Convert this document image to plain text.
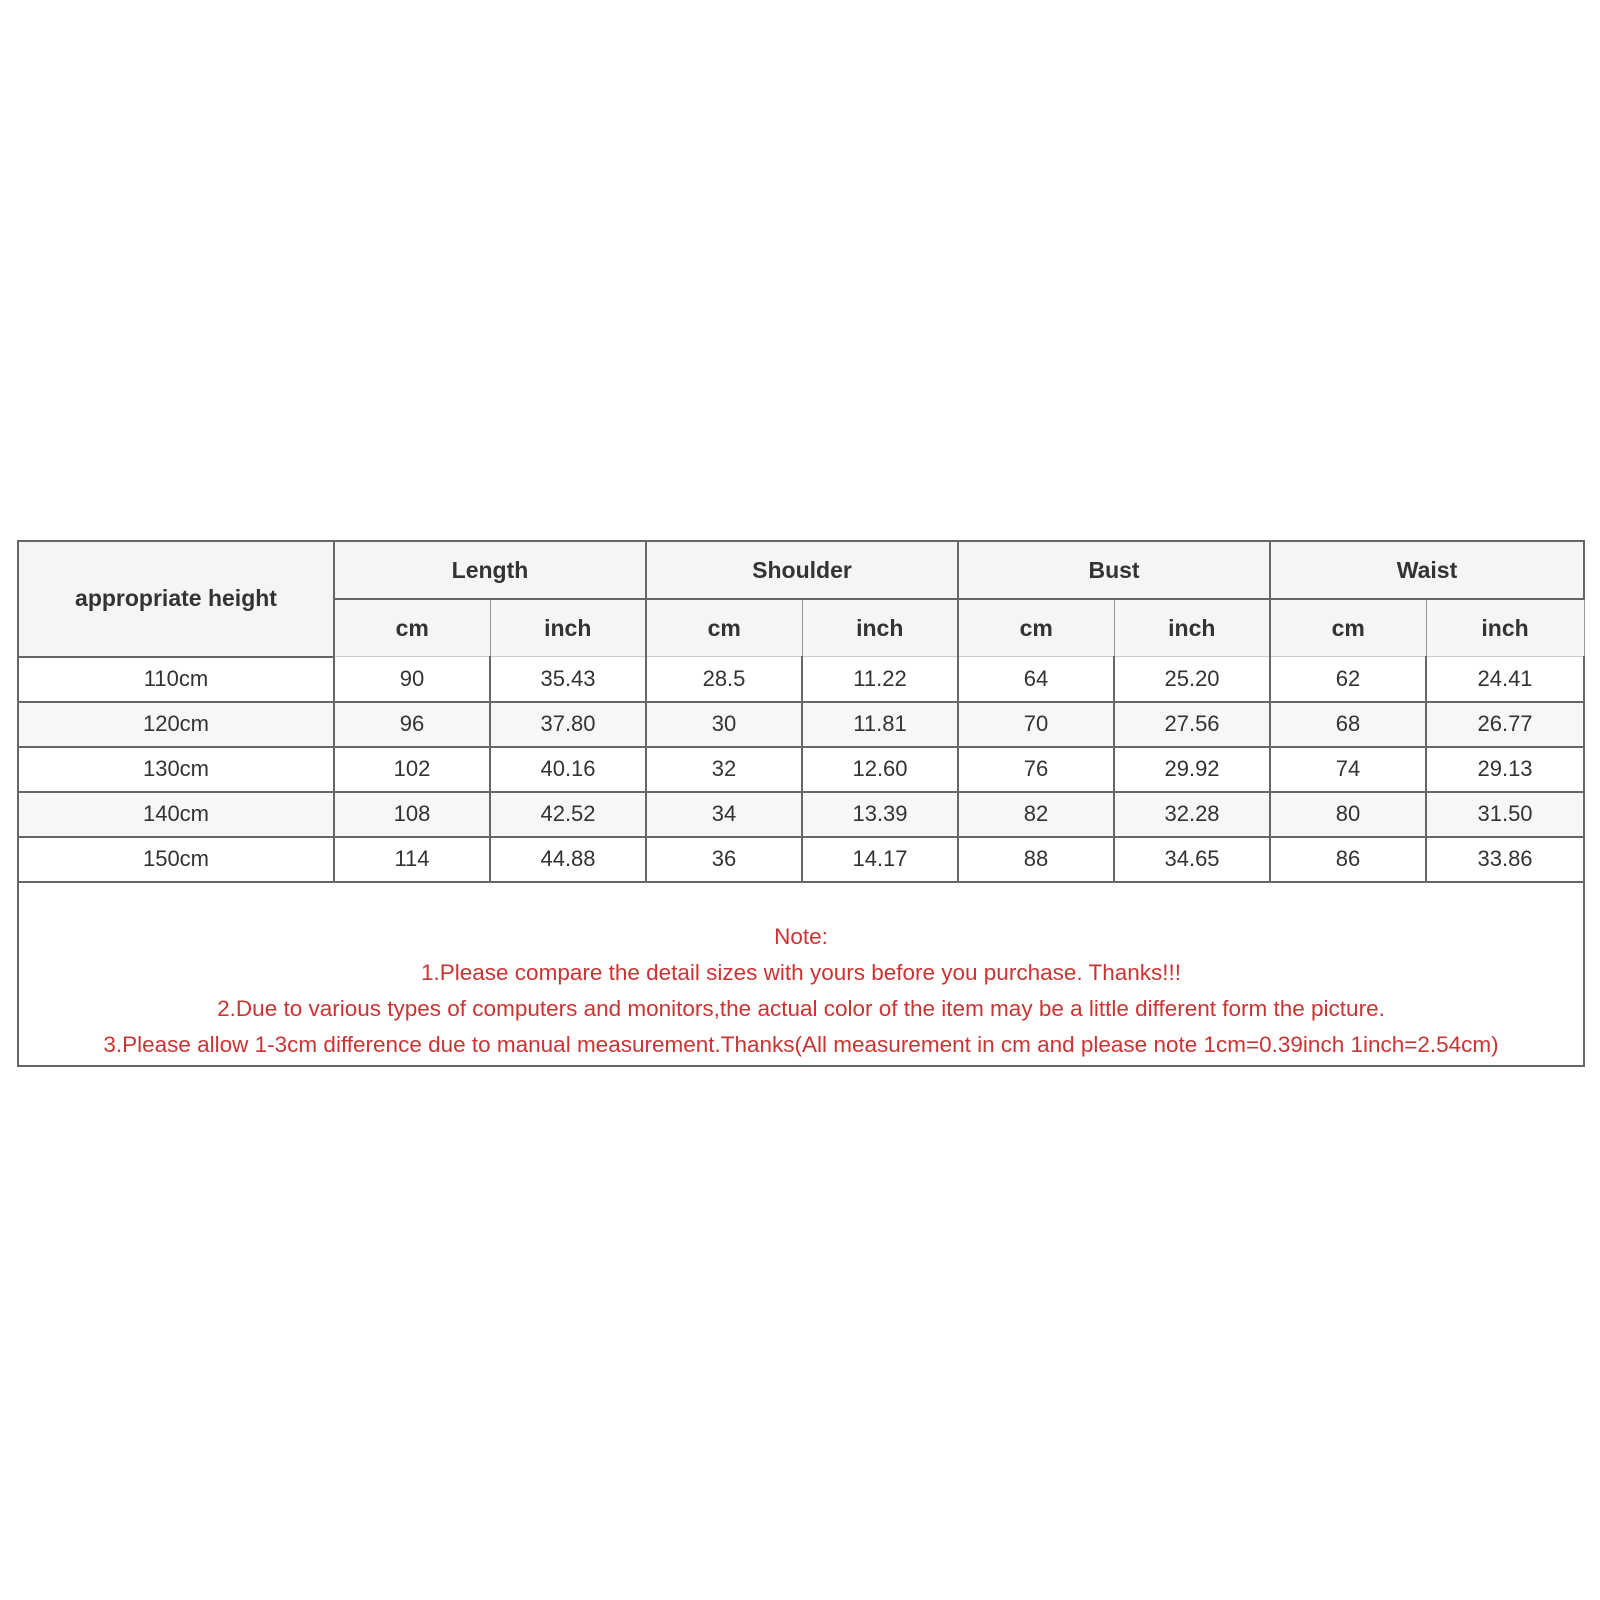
appropriate height	Length		Shoulder		Bust		Waist	
	cm	inch	cm	inch	cm	inch	cm	inch
110cm	90	35.43	28.5	11.22	64	25.20	62	24.41
120cm	96	37.80	30	11.81	70	27.56	68	26.77
130cm	102	40.16	32	12.60	76	29.92	74	29.13
140cm	108	42.52	34	13.39	82	32.28	80	31.50
150cm	114	44.88	36	14.17	88	34.65	86	33.86

Note:
1.Please compare the detail sizes with yours before you purchase. Thanks!!!
2.Due to various types of computers and monitors,the actual color of the item may be a little different form the picture.
3.Please allow 1-3cm difference due to manual measurement.Thanks(All measurement in cm and please note 1cm=0.39inch 1inch=2.54cm)								
